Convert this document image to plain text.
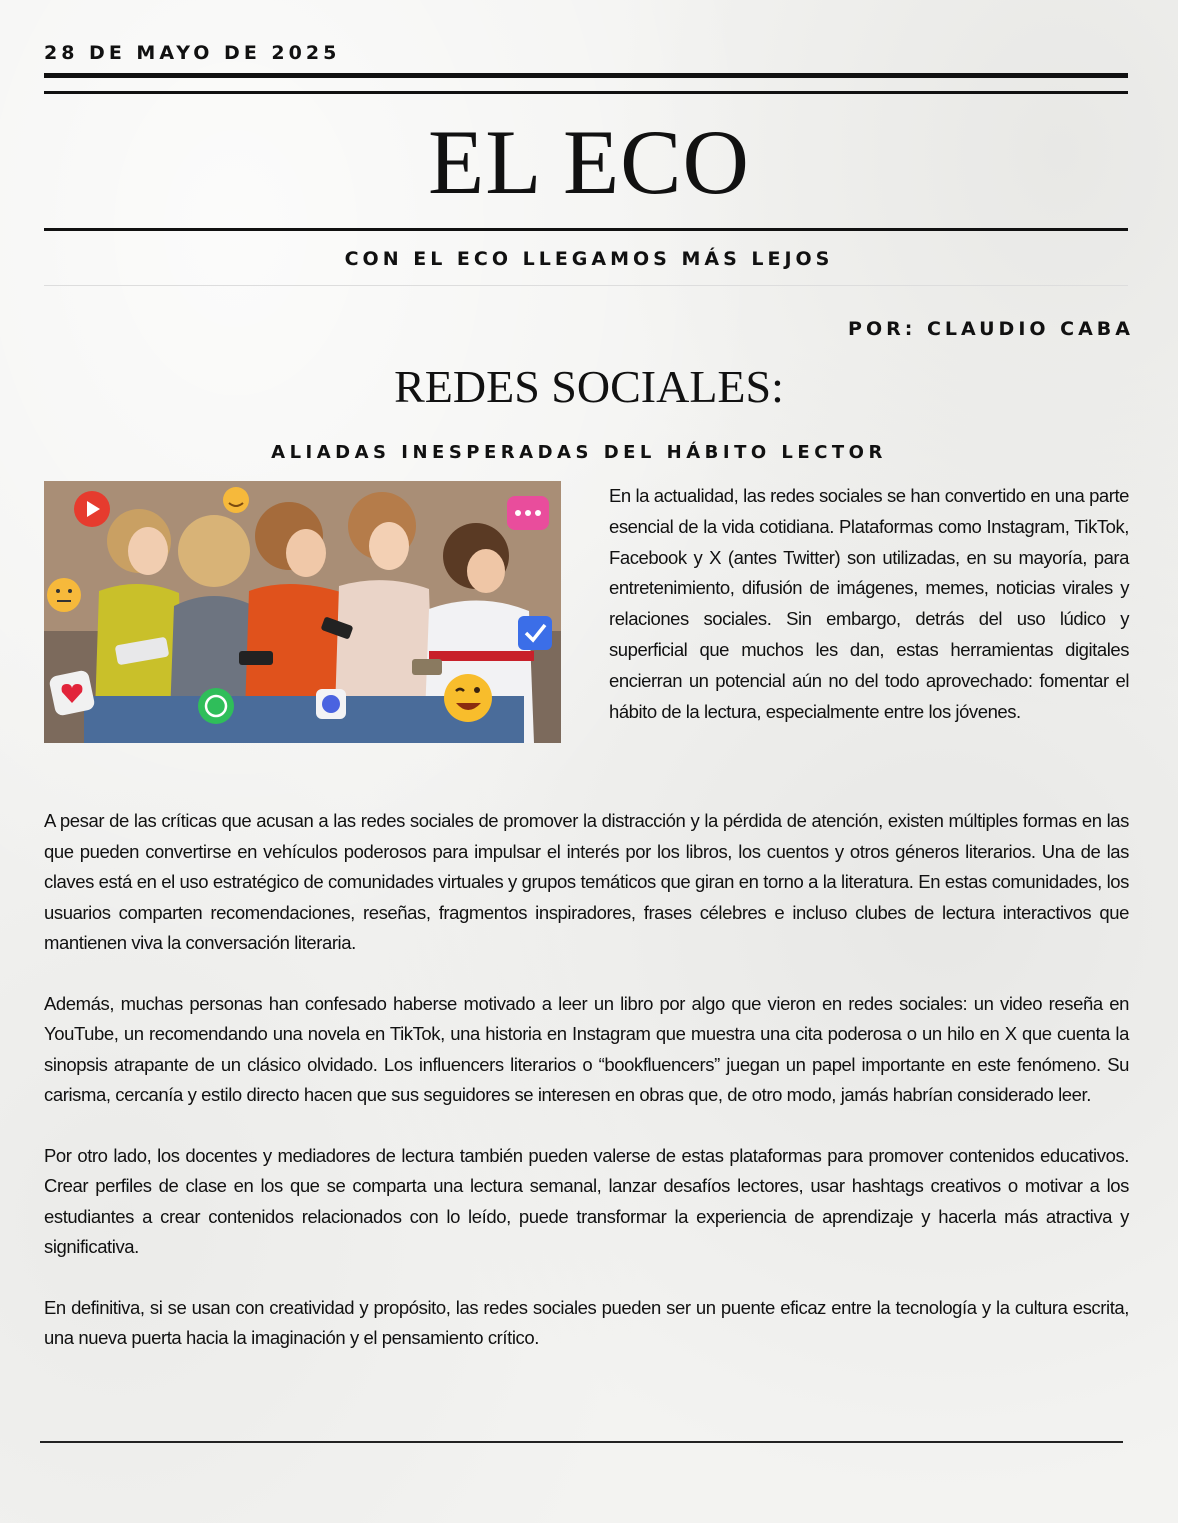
28 DE MAYO DE 2025
EL ECO
CON EL ECO LLEGAMOS MÁS LEJOS
POR: CLAUDIO CABA
REDES SOCIALES:
ALIADAS INESPERADAS DEL HÁBITO LECTOR
En la actualidad, las redes sociales se han convertido en una parte esencial de la vida cotidiana. Plataformas como Instagram, TikTok, Facebook y X (antes Twitter) son utilizadas, en su mayoría, para entretenimiento, difusión de imágenes, memes, noticias virales y relaciones sociales. Sin embargo, detrás del uso lúdico y superficial que muchos les dan, estas herramientas digitales encierran un potencial aún no del todo aprovechado: fomentar el hábito de la lectura, especialmente entre los jóvenes.

A pesar de las críticas que acusan a las redes sociales de promover la distracción y la pérdida de atención, existen múltiples formas en las que pueden convertirse en vehículos poderosos para impulsar el interés por los libros, los cuentos y otros géneros literarios. Una de las claves está en el uso estratégico de comunidades virtuales y grupos temáticos que giran en torno a la literatura. En estas comunidades, los usuarios comparten recomendaciones, reseñas, fragmentos inspiradores, frases célebres e incluso clubes de lectura interactivos que mantienen viva la conversación literaria.

Además, muchas personas han confesado haberse motivado a leer un libro por algo que vieron en redes sociales: un video reseña en YouTube, un recomendando una novela en TikTok, una historia en Instagram que muestra una cita poderosa o un hilo en X que cuenta la sinopsis atrapante de un clásico olvidado. Los influencers literarios o “bookfluencers” juegan un papel importante en este fenómeno. Su carisma, cercanía y estilo directo hacen que sus seguidores se interesen en obras que, de otro modo, jamás habrían considerado leer.

Por otro lado, los docentes y mediadores de lectura también pueden valerse de estas plataformas para promover contenidos educativos. Crear perfiles de clase en los que se comparta una lectura semanal, lanzar desafíos lectores, usar hashtags creativos o motivar a los estudiantes a crear contenidos relacionados con lo leído, puede transformar la experiencia de aprendizaje y hacerla más atractiva y significativa.

En definitiva, si se usan con creatividad y propósito, las redes sociales pueden ser un puente eficaz entre la tecnología y la cultura escrita, una nueva puerta hacia la imaginación y el pensamiento crítico.
